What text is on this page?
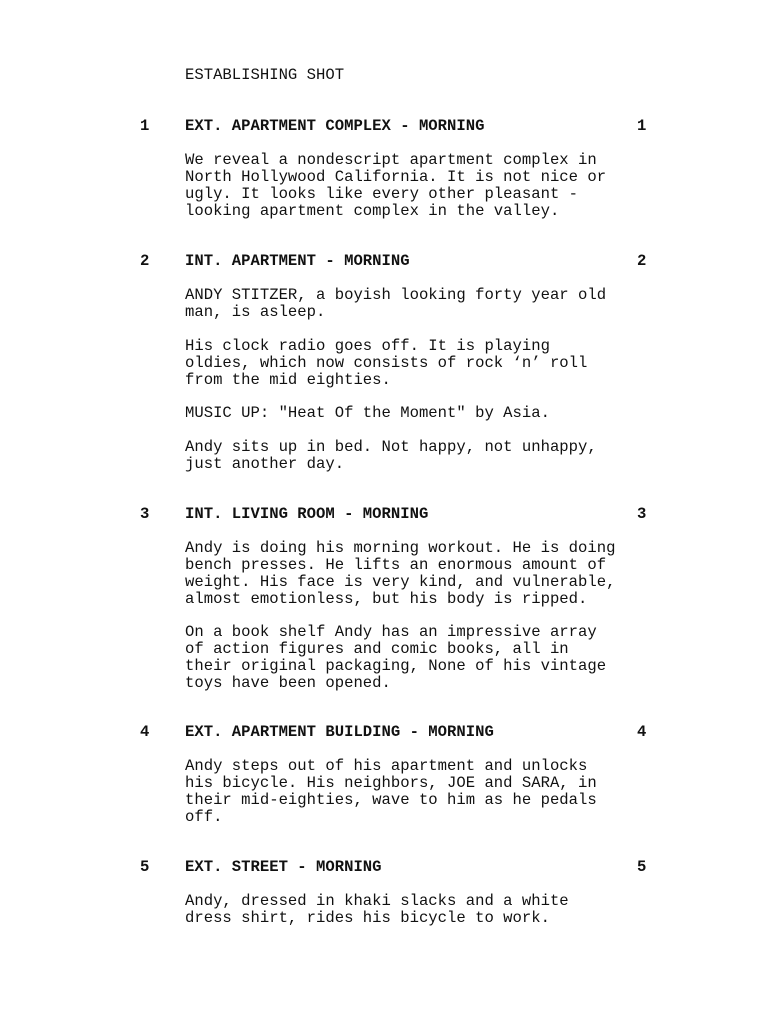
ESTABLISHING SHOT
1 EXT. APARTMENT COMPLEX - MORNING	1
We reveal a nondescript apartment complex in
North Hollywood California. It is not nice or
ugly. It looks like every other pleasant -
looking apartment complex in the valley.
2 INT. APARTMENT - MORNING	2
ANDY STITZER, a boyish looking forty year old
man, is asleep.
His clock radio goes off. It is playing
oldies, which now consists of rock ‘n’ roll
from the mid eighties.
MUSIC UP: "Heat Of the Moment" by Asia.
Andy sits up in bed. Not happy, not unhappy,
just another day.
3 INT. LIVING ROOM - MORNING	3
Andy is doing his morning workout. He is doing
bench presses. He lifts an enormous amount of
weight. His face is very kind, and vulnerable,
almost emotionless, but his body is ripped.
On a book shelf Andy has an impressive array
of action figures and comic books, all in
their original packaging, None of his vintage
toys have been opened.
4 EXT. APARTMENT BUILDING - MORNING	4
Andy steps out of his apartment and unlocks
his bicycle. His neighbors, JOE and SARA, in
their mid-eighties, wave to him as he pedals
off.
5 EXT. STREET - MORNING	5
Andy, dressed in khaki slacks and a white
dress shirt, rides his bicycle to work.
